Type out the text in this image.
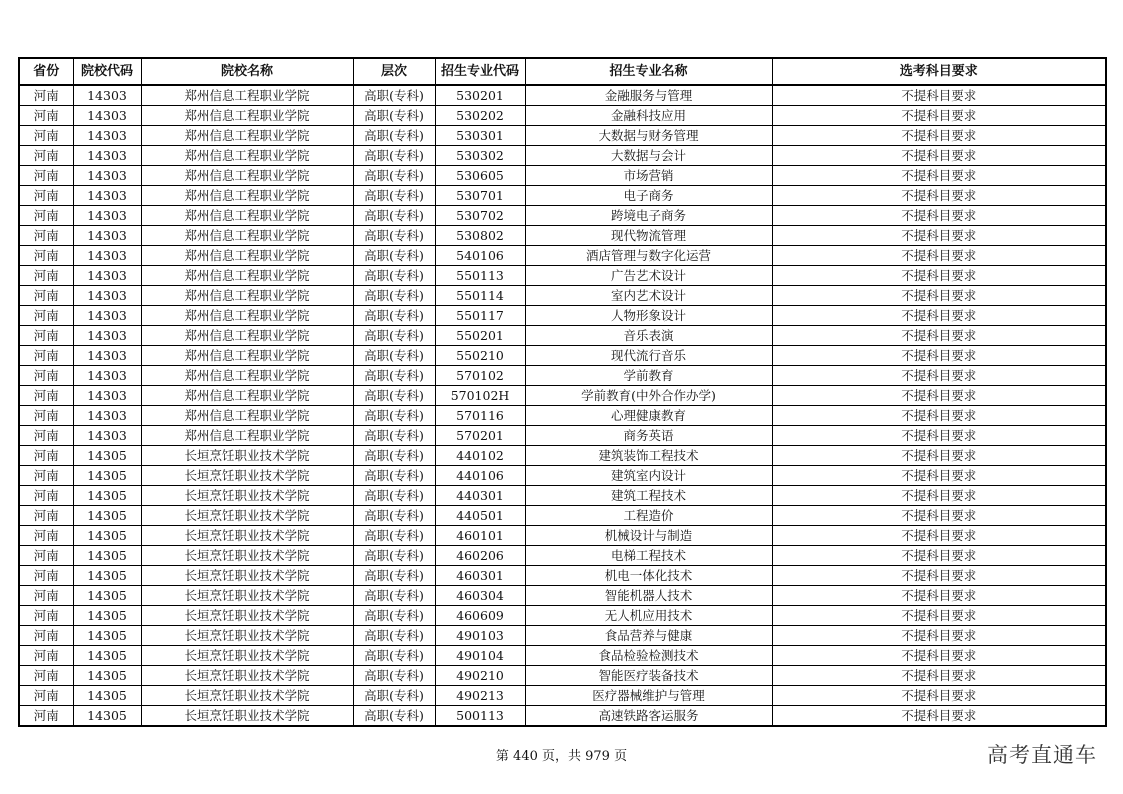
省份	院校代码	院校名称	层次	招生专业代码	招生专业名称	选考科目要求
河南	14303	郑州信息工程职业学院	高职(专科)	530201	金融服务与管理	不提科目要求
河南	14303	郑州信息工程职业学院	高职(专科)	530202	金融科技应用	不提科目要求
河南	14303	郑州信息工程职业学院	高职(专科)	530301	大数据与财务管理	不提科目要求
河南	14303	郑州信息工程职业学院	高职(专科)	530302	大数据与会计	不提科目要求
河南	14303	郑州信息工程职业学院	高职(专科)	530605	市场营销	不提科目要求
河南	14303	郑州信息工程职业学院	高职(专科)	530701	电子商务	不提科目要求
河南	14303	郑州信息工程职业学院	高职(专科)	530702	跨境电子商务	不提科目要求
河南	14303	郑州信息工程职业学院	高职(专科)	530802	现代物流管理	不提科目要求
河南	14303	郑州信息工程职业学院	高职(专科)	540106	酒店管理与数字化运营	不提科目要求
河南	14303	郑州信息工程职业学院	高职(专科)	550113	广告艺术设计	不提科目要求
河南	14303	郑州信息工程职业学院	高职(专科)	550114	室内艺术设计	不提科目要求
河南	14303	郑州信息工程职业学院	高职(专科)	550117	人物形象设计	不提科目要求
河南	14303	郑州信息工程职业学院	高职(专科)	550201	音乐表演	不提科目要求
河南	14303	郑州信息工程职业学院	高职(专科)	550210	现代流行音乐	不提科目要求
河南	14303	郑州信息工程职业学院	高职(专科)	570102	学前教育	不提科目要求
河南	14303	郑州信息工程职业学院	高职(专科)	570102H	学前教育(中外合作办学)	不提科目要求
河南	14303	郑州信息工程职业学院	高职(专科)	570116	心理健康教育	不提科目要求
河南	14303	郑州信息工程职业学院	高职(专科)	570201	商务英语	不提科目要求
河南	14305	长垣烹饪职业技术学院	高职(专科)	440102	建筑装饰工程技术	不提科目要求
河南	14305	长垣烹饪职业技术学院	高职(专科)	440106	建筑室内设计	不提科目要求
河南	14305	长垣烹饪职业技术学院	高职(专科)	440301	建筑工程技术	不提科目要求
河南	14305	长垣烹饪职业技术学院	高职(专科)	440501	工程造价	不提科目要求
河南	14305	长垣烹饪职业技术学院	高职(专科)	460101	机械设计与制造	不提科目要求
河南	14305	长垣烹饪职业技术学院	高职(专科)	460206	电梯工程技术	不提科目要求
河南	14305	长垣烹饪职业技术学院	高职(专科)	460301	机电一体化技术	不提科目要求
河南	14305	长垣烹饪职业技术学院	高职(专科)	460304	智能机器人技术	不提科目要求
河南	14305	长垣烹饪职业技术学院	高职(专科)	460609	无人机应用技术	不提科目要求
河南	14305	长垣烹饪职业技术学院	高职(专科)	490103	食品营养与健康	不提科目要求
河南	14305	长垣烹饪职业技术学院	高职(专科)	490104	食品检验检测技术	不提科目要求
河南	14305	长垣烹饪职业技术学院	高职(专科)	490210	智能医疗装备技术	不提科目要求
河南	14305	长垣烹饪职业技术学院	高职(专科)	490213	医疗器械维护与管理	不提科目要求
河南	14305	长垣烹饪职业技术学院	高职(专科)	500113	高速铁路客运服务	不提科目要求
第 440 页，共 979 页	高考直通车
